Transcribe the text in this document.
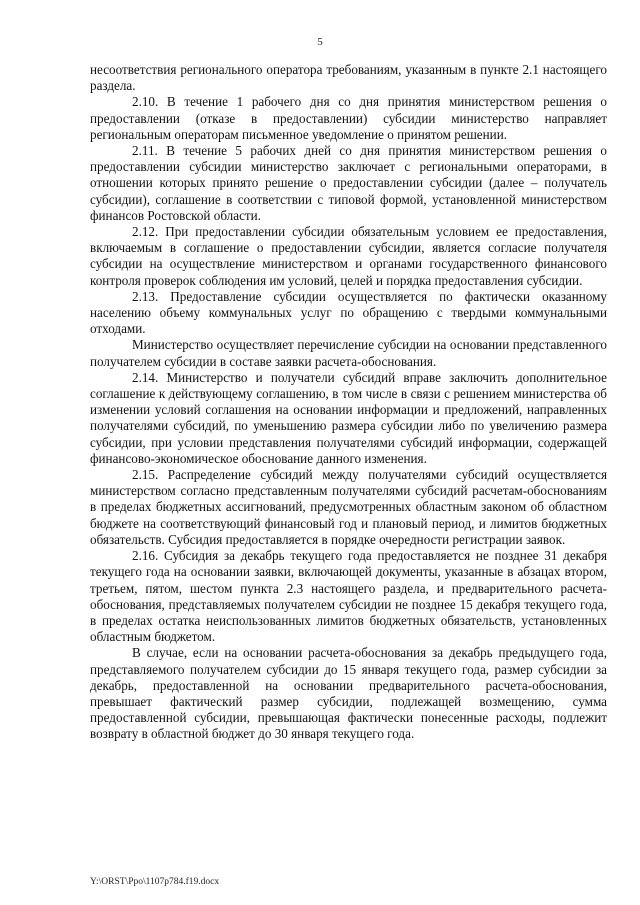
5

несоответствия регионального оператора требованиям, указанным в пункте 2.1 настоящего раздела.

2.10. В течение 1 рабочего дня со дня принятия министерством решения о предоставлении (отказе в предоставлении) субсидии министерство направляет региональным операторам письменное уведомление о принятом решении.

2.11. В течение 5 рабочих дней со дня принятия министерством решения о предоставлении субсидии министерство заключает с региональными операторами, в отношении которых принято решение о предоставлении субсидии (далее – получатель субсидии), соглашение в соответствии с типовой формой, установленной министерством финансов Ростовской области.

2.12. При предоставлении субсидии обязательным условием ее предоставления, включаемым в соглашение о предоставлении субсидии, является согласие получателя субсидии на осуществление министерством и органами государственного финансового контроля проверок соблюдения им условий, целей и порядка предоставления субсидии.

2.13. Предоставление субсидии осуществляется по фактически оказанному населению объему коммунальных услуг по обращению с твердыми коммунальными отходами.

Министерство осуществляет перечисление субсидии на основании представленного получателем субсидии в составе заявки расчета-обоснования.

2.14. Министерство и получатели субсидий вправе заключить дополнительное соглашение к действующему соглашению, в том числе в связи с решением министерства об изменении условий соглашения на основании информации и предложений, направленных получателями субсидий, по уменьшению размера субсидии либо по увеличению размера субсидии, при условии представления получателями субсидий информации, содержащей финансово-экономическое обоснование данного изменения.

2.15. Распределение субсидий между получателями субсидий осуществляется министерством согласно представленным получателями субсидий расчетам-обоснованиям в пределах бюджетных ассигнований, предусмотренных областным законом об областном бюджете на соответствующий финансовый год и плановый период, и лимитов бюджетных обязательств. Субсидия предоставляется в порядке очередности регистрации заявок.

2.16. Субсидия за декабрь текущего года предоставляется не позднее 31 декабря текущего года на основании заявки, включающей документы, указанные в абзацах втором, третьем, пятом, шестом пункта 2.3 настоящего раздела, и предварительного расчета-обоснования, представляемых получателем субсидии не позднее 15 декабря текущего года, в пределах остатка неиспользованных лимитов бюджетных обязательств, установленных областным бюджетом.

В случае, если на основании расчета-обоснования за декабрь предыдущего года, представляемого получателем субсидии до 15 января текущего года, размер субсидии за декабрь, предоставленной на основании предварительного расчета-обоснования, превышает фактический размер субсидии, подлежащей возмещению, сумма предоставленной субсидии, превышающая фактически понесенные расходы, подлежит возврату в областной бюджет до 30 января текущего года.

Y:\ORST\Ppo\1107p784.f19.docx
